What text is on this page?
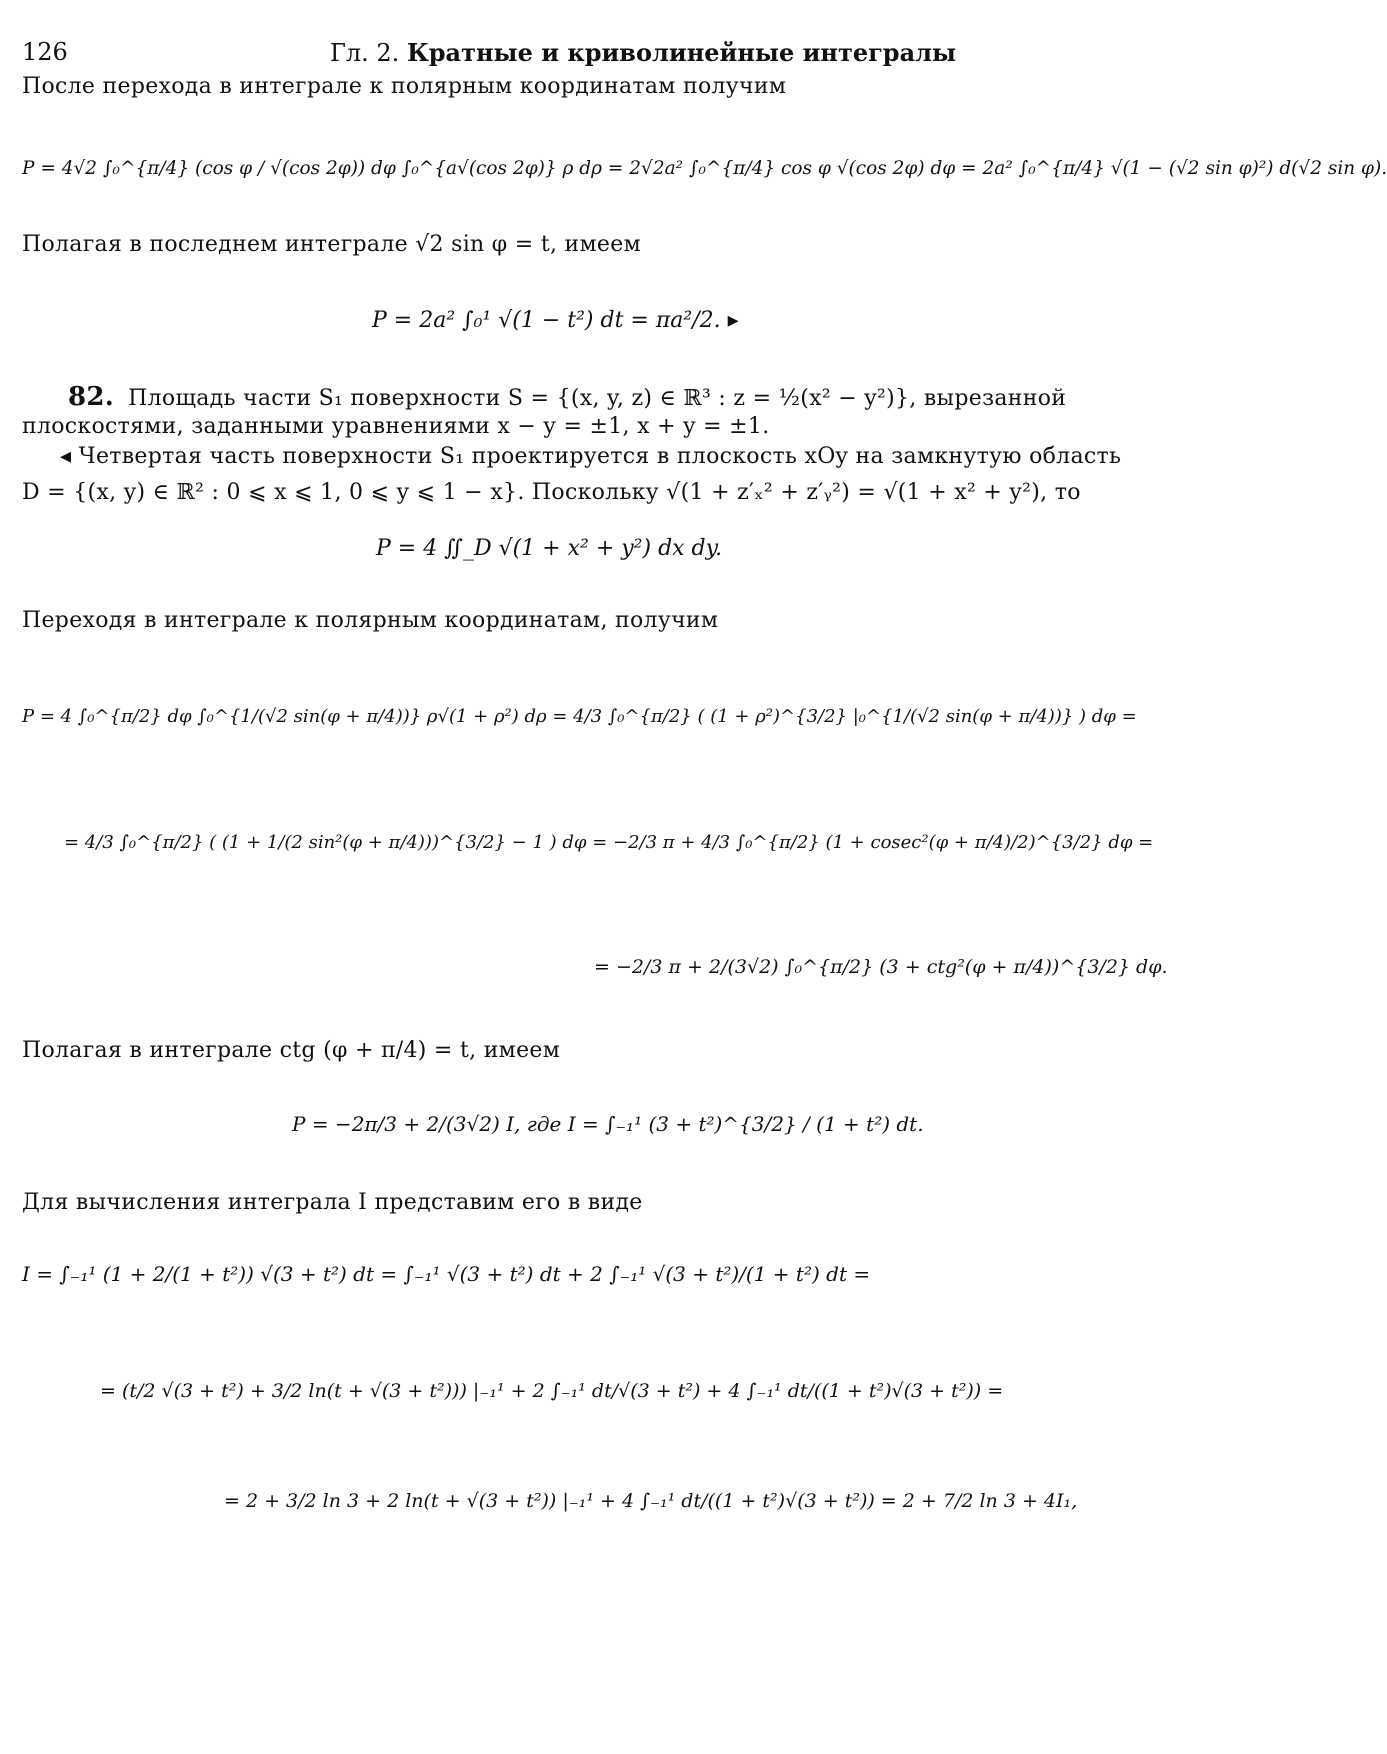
126	Гл. 2. Кратные и криволинейные интегралы
После перехода в интеграле к полярным координатам получим
P = 4√2 ∫₀^{π/4} (cos φ / √(cos 2φ)) dφ ∫₀^{a√(cos 2φ)} ρ dρ = 2√2a² ∫₀^{π/4} cos φ √(cos 2φ) dφ = 2a² ∫₀^{π/4} √(1 − (√2 sin φ)²) d(√2 sin φ).
Полагая в последнем интеграле √2 sin φ = t, имеем
P = 2a² ∫₀¹ √(1 − t²) dt = πa²/2. ▸
82. Площадь части S₁ поверхности S = {(x, y, z) ∈ ℝ³ : z = ½(x² − y²)}, вырезанной
плоскостями, заданными уравнениями x − y = ±1, x + y = ±1.
◂ Четвертая часть поверхности S₁ проектируется в плоскость xOy на замкнутую область
D = {(x, y) ∈ ℝ² : 0 ⩽ x ⩽ 1, 0 ⩽ y ⩽ 1 − x}. Поскольку √(1 + z′ₓ² + z′ᵧ²) = √(1 + x² + y²), то
P = 4 ∬_D √(1 + x² + y²) dx dy.
Переходя в интеграле к полярным координатам, получим
P = 4 ∫₀^{π/2} dφ ∫₀^{1/(√2 sin(φ + π/4))} ρ√(1 + ρ²) dρ = 4/3 ∫₀^{π/2} ( (1 + ρ²)^{3/2} |₀^{1/(√2 sin(φ + π/4))} ) dφ =
= 4/3 ∫₀^{π/2} ( (1 + 1/(2 sin²(φ + π/4)))^{3/2} − 1 ) dφ = −2/3 π + 4/3 ∫₀^{π/2} (1 + cosec²(φ + π/4)/2)^{3/2} dφ =
= −2/3 π + 2/(3√2) ∫₀^{π/2} (3 + ctg²(φ + π/4))^{3/2} dφ.
Полагая в интеграле ctg (φ + π/4) = t, имеем
P = −2π/3 + 2/(3√2) I, где I = ∫₋₁¹ (3 + t²)^{3/2} / (1 + t²) dt.
Для вычисления интеграла I представим его в виде
I = ∫₋₁¹ (1 + 2/(1 + t²)) √(3 + t²) dt = ∫₋₁¹ √(3 + t²) dt + 2 ∫₋₁¹ √(3 + t²)/(1 + t²) dt =
= (t/2 √(3 + t²) + 3/2 ln(t + √(3 + t²))) |₋₁¹ + 2 ∫₋₁¹ dt/√(3 + t²) + 4 ∫₋₁¹ dt/((1 + t²)√(3 + t²)) =
= 2 + 3/2 ln 3 + 2 ln(t + √(3 + t²)) |₋₁¹ + 4 ∫₋₁¹ dt/((1 + t²)√(3 + t²)) = 2 + 7/2 ln 3 + 4I₁,
